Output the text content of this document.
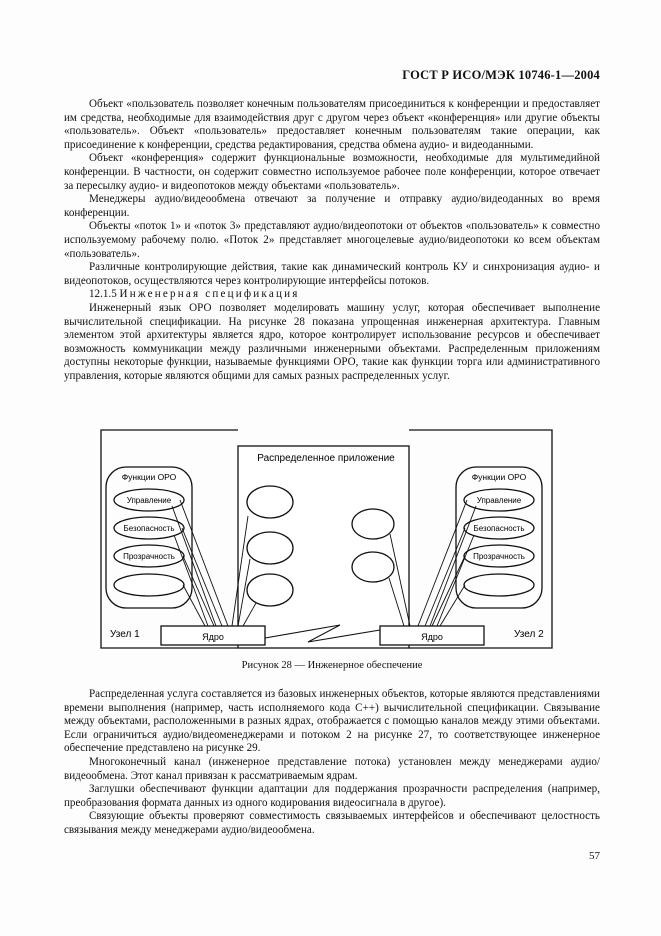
ГОСТ Р ИСО/МЭК 10746-1—2004

Объект «пользователь позволяет конечным пользователям присоединиться к конференции и предоставляет им средства, необходимые для взаимодействия друг с другом через объект «конференция» или другие объекты «пользователь». Объект «пользователь» предоставляет конечным пользователям такие операции, как присоединение к конференции, средства редактирования, средства обмена аудио- и видеоданными.

Объект «конференция» содержит функциональные возможности, необходимые для мультимедийной конференции. В частности, он содержит совместно используемое рабочее поле конференции, которое отвечает за пересылку аудио- и видеопотоков между объектами «пользователь».

Менеджеры аудио/видеообмена отвечают за получение и отправку аудио/видеоданных во время конференции.

Объекты «поток 1» и «поток 3» представляют аудио/видеопотоки от объектов «пользователь» к совместно используемому рабочему полю. «Поток 2» представляет многоцелевые аудио/видеопотоки ко всем объектам «пользователь».

Различные контролирующие действия, такие как динамический контроль КУ и синхронизация аудио- и видеопотоков, осуществляются через контролирующие интерфейсы потоков.

12.1.5 Инженерная спецификация

Инженерный язык ОРО позволяет моделировать машину услуг, которая обеспечивает выполнение вычислительной спецификации. На рисунке 28 показана упрощенная инженерная архитектура. Главным элементом этой архитектуры является ядро, которое контролирует использование ресурсов и обеспечивает возможность коммуникации между различными инженерными объектами. Распределенным приложениям доступны некоторые функции, называемые функциями ОРО, такие как функции торга или административного управления, которые являются общими для самых разных распределенных услуг.

Распределенное приложение
Функции ОРО	Функции ОРО
Управление
Безопасность
Прозрачность
Управление
Безопасность
Прозрачность
Ядро	Ядро
Узел 1	Узел 2
Рисунок 28 — Инженерное обеспечение

Распределенная услуга составляется из базовых инженерных объектов, которые являются представлениями времени выполнения (например, часть исполняемого кода С++) вычислительной спецификации. Связывание между объектами, расположенными в разных ядрах, отображается с помощью каналов между этими объектами. Если ограничиться аудио/видеоменеджерами и потоком 2 на рисунке 27, то соответствующее инженерное обеспечение представлено на рисунке 29.

Многоконечный канал (инженерное представление потока) установлен между менеджерами аудио/видеообмена. Этот канал привязан к рассматриваемым ядрам.

Заглушки обеспечивают функции адаптации для поддержания прозрачности распределения (например, преобразования формата данных из одного кодирования видеосигнала в другое).

Связующие объекты проверяют совместимость связываемых интерфейсов и обеспечивают целостность связывания между менеджерами аудио/видеообмена.

57
